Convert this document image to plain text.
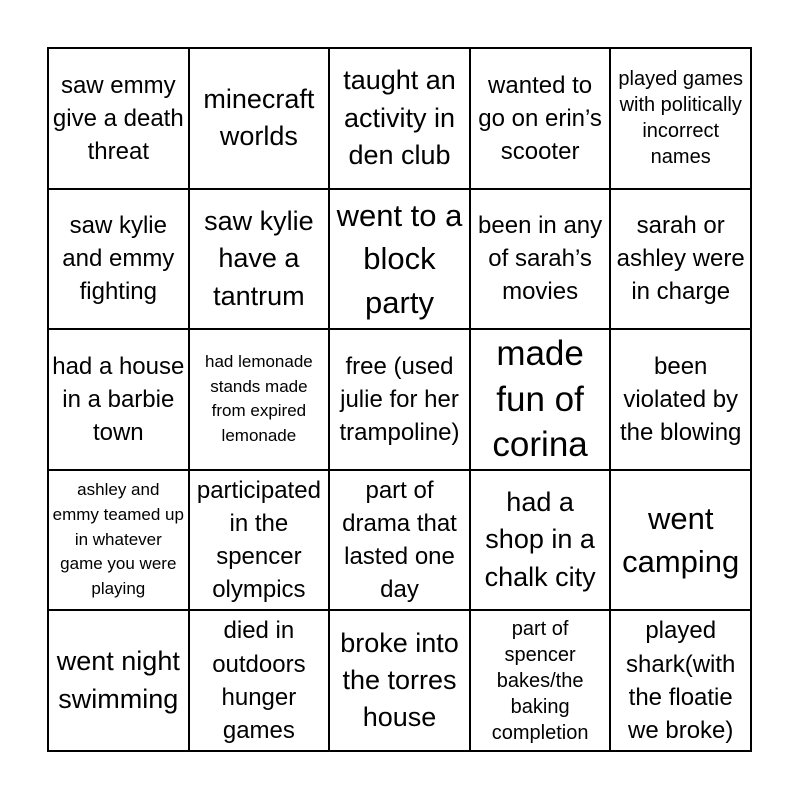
saw emmy give a death threat
minecraft worlds
taught an activity in den club
wanted to go on erin’s scooter
played games with politically incorrect names
saw kylie and emmy fighting
saw kylie have a tantrum
went to a block party
been in any of sarah’s movies
sarah or ashley were in charge
had a house in a barbie town
had lemonade stands made from expired lemonade
free (used julie for her trampoline)
made fun of corina
been violated by the blowing
ashley and emmy teamed up in whatever game you were playing
participated in the spencer olympics
part of drama that lasted one day
had a shop in a chalk city
went camping
went night swimming
died in outdoors hunger games
broke into the torres house
part of spencer bakes/the baking completion
played shark(with the floatie we broke)
